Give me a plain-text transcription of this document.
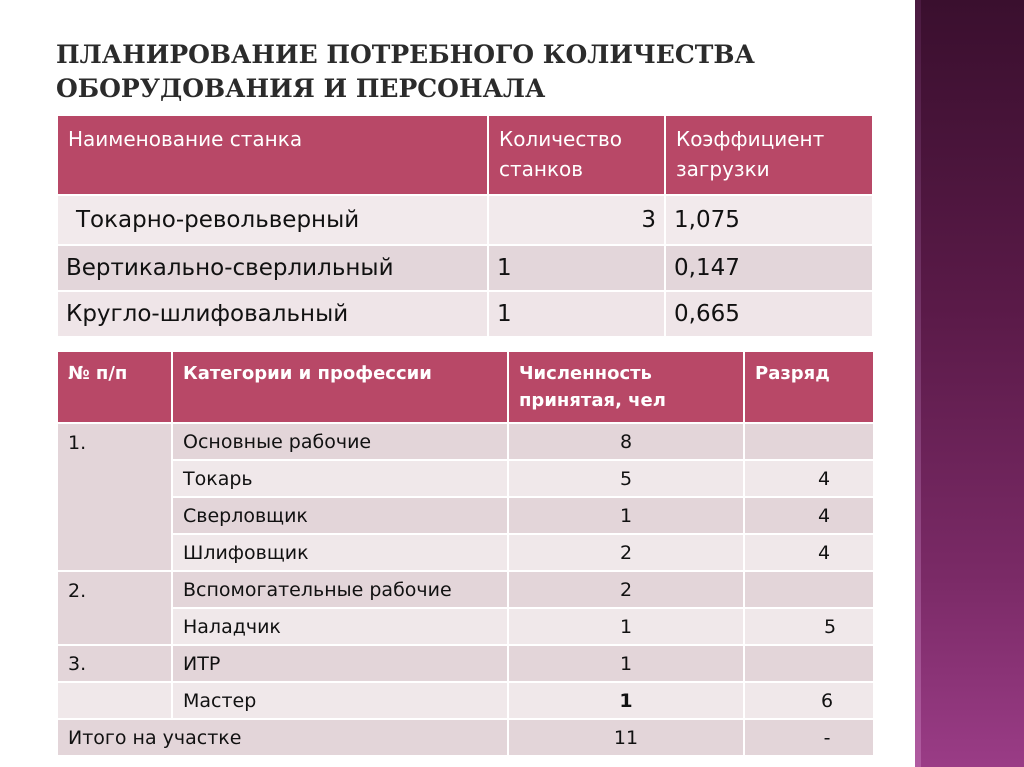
ПЛАНИРОВАНИЕ ПОТРЕБНОГО КОЛИЧЕСТВА
ОБОРУДОВАНИЯ И ПЕРСОНАЛА
Наименование станка	Количество станков	Коэффициент загрузки
Токарно-револьверный	3	1,075
Вертикально-сверлильный	1	0,147
Кругло-шлифовальный	1	0,665
№ п/п	Категории и профессии	Численность принятая, чел	Разряд
1.	Основные рабочие	8	
	Токарь	5	4
	Сверловщик	1	4
	Шлифовщик	2	4
2.	Вспомогательные рабочие	2	
	Наладчик	1	5
3.	ИТР	1	
	Мастер	1	6
Итого на участке		11	-
